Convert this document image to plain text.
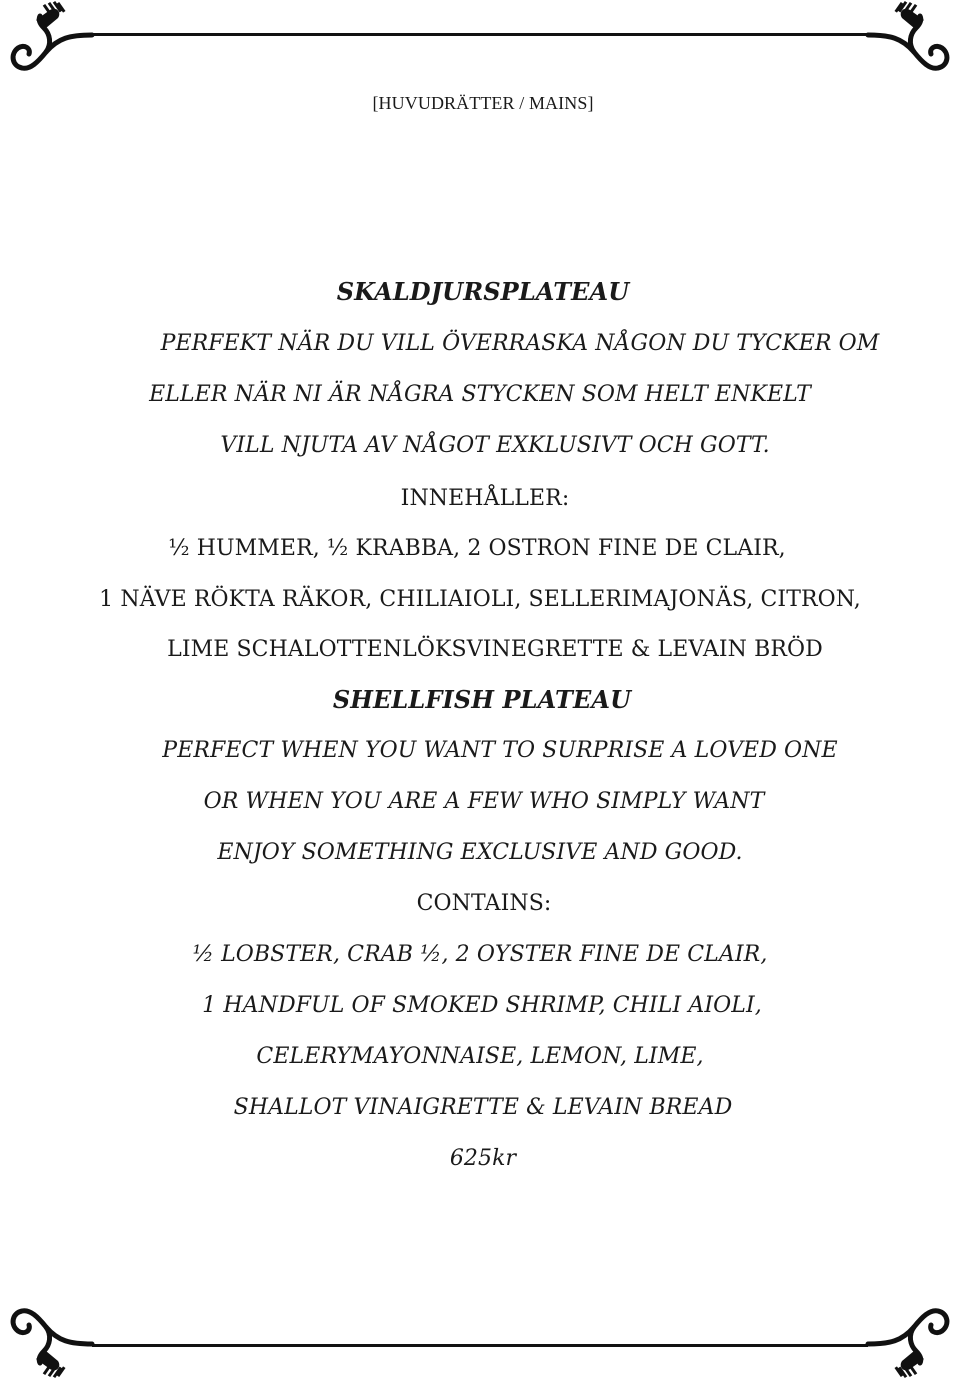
[HUVUDRÄTTER / MAINS]
SKALDJURSPLATEAU
PERFEKT NÄR DU VILL ÖVERRASKA NÅGON DU TYCKER OM
ELLER NÄR NI ÄR NÅGRA STYCKEN SOM HELT ENKELT
VILL NJUTA AV NÅGOT EXKLUSIVT OCH GOTT.
INNEHÅLLER:
½ HUMMER, ½ KRABBA, 2 OSTRON FINE DE CLAIR,
1 NÄVE RÖKTA RÄKOR, CHILIAIOLI, SELLERIMAJONÄS, CITRON,
LIME SCHALOTTENLÖKSVINEGRETTE & LEVAIN BRÖD
SHELLFISH PLATEAU
PERFECT WHEN YOU WANT TO SURPRISE A LOVED ONE
OR WHEN YOU ARE A FEW WHO SIMPLY WANT
ENJOY SOMETHING EXCLUSIVE AND GOOD.
CONTAINS:
½ LOBSTER, CRAB ½, 2 OYSTER FINE DE CLAIR,
1 HANDFUL OF SMOKED SHRIMP, CHILI AIOLI,
CELERYMAYONNAISE, LEMON, LIME,
SHALLOT VINAIGRETTE & LEVAIN BREAD
625kr
